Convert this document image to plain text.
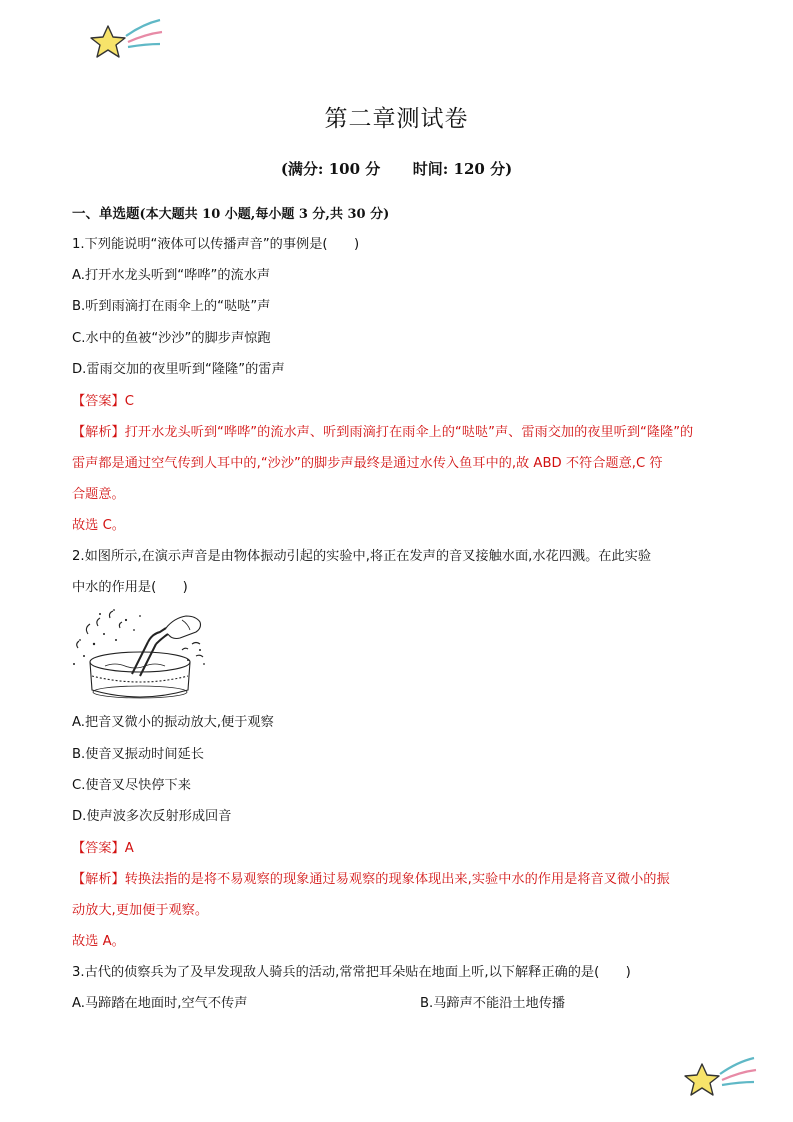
第二章测试卷
(满分: 100 分 时间: 120 分)
一、单选题(本大题共 10 小题,每小题 3 分,共 30 分)
1.下列能说明“液体可以传播声音”的事例是(　　)
A.打开水龙头听到“哗哗”的流水声
B.听到雨滴打在雨伞上的“哒哒”声
C.水中的鱼被“沙沙”的脚步声惊跑
D.雷雨交加的夜里听到“隆隆”的雷声
【答案】C
【解析】打开水龙头听到“哗哗”的流水声、听到雨滴打在雨伞上的“哒哒”声、雷雨交加的夜里听到“隆隆”的
雷声都是通过空气传到人耳中的,“沙沙”的脚步声最终是通过水传入鱼耳中的,故 ABD 不符合题意,C 符
合题意。
故选 C。
2.如图所示,在演示声音是由物体振动引起的实验中,将正在发声的音叉接触水面,水花四溅。在此实验
中水的作用是(　　)
A.把音叉微小的振动放大,便于观察
B.使音叉振动时间延长
C.使音叉尽快停下来
D.使声波多次反射形成回音
【答案】A
【解析】转换法指的是将不易观察的现象通过易观察的现象体现出来,实验中水的作用是将音叉微小的振
动放大,更加便于观察。
故选 A。
3.古代的侦察兵为了及早发现敌人骑兵的活动,常常把耳朵贴在地面上听,以下解释正确的是(　　)
A.马蹄踏在地面时,空气不传声	B.马蹄声不能沿土地传播
